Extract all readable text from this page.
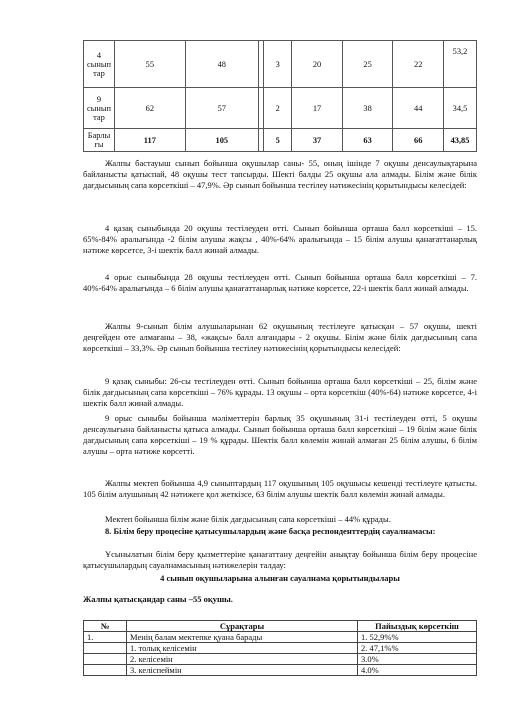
4 сынып тар	55	48		3	20	25	22	53,2
9 сынып тар	62	57		2	17	38	44	34,5
Барлы ғы	117	105		5	37	63	66	43,85

Жалпы бастауыш сынып бойынша оқушылар саны- 55, оның ішінде 7 оқушы денсаулықтарына байланысты қатыспай, 48 оқушы тест тапсырды. Шекті балды 25 оқушы ала алмады. Білім және білік дағдысының сапа көрсеткіші – 47,9%. Әр сынып бойынша тестілеу нәтижесінің қорытындысы келесідей:

4 қазақ сыныбында 20 оқушы тестілеуден өтті. Сынып бойынша орташа балл көрсеткіші – 15. 65%-84% аралығында -2 білім алушы жақсы , 40%-64% аралығында – 15 білім алушы қанағаттанарлық нәтиже көрсетсе, 3-і шектік балл жинай алмады.

4 орыс сыныбында 28 оқушы тестілеуден өтті. Сынып бойынша орташа балл көрсеткіші – 7. 40%-64% аралығында – 6 білім алушы қанағаттанарлық нәтиже көрсетсе, 22-і шектік балл жинай алмады.

Жалпы 9-сынып білім алушыларынан 62 оқушының тестілеуге қатысқан – 57 оқушы, шекті деңгейден өте алмағаны – 38, «жақсы» балл алғандары - 2 оқушы. Білім және білік дағдысының сапа көрсеткіші – 33,3%. Әр сынып бойынша тестілеу нәтижесінің қорытындысы келесідей:

9 қазақ сыныбы: 26-сы тестілеуден өтті. Сынып бойынша орташа балл көрсеткіші – 25, білім және білік дағдысының сапа көрсеткіші – 76% құрады. 13 оқушы – орта көрсеткіш (40%-64) нәтиже көрсетсе, 4-і шектік балл жинай алмады.

9 орыс сыныбы бойынша мәліметтерін барлық 35 оқушының 31-і тестілеуден өтті, 5 оқушы денсаулығына байланысты қатыса алмады. Сынып бойынша орташа балл көрсеткіші – 19 білім және білік дағдысының сапа көрсеткіші – 19 % құрады. Шектік балл көлемін жинай алмаған 25 білім алушы, 6 білім алушы – орта нәтиже көрсетті.

Жалпы мектеп бойынша 4,9 сыныптардың 117 оқушының 105 оқушысы кешенді тестілеуге қатысты. 105 білім алушының 42 нәтижеге қол жеткізсе, 63 білім алушы шектік балл көлемін жинай алмады.

Мектеп бойынша білім және білік дағдысының сапа көрсеткіші – 44% құрады.

8. Білім беру процесіне қатысушылардың және басқа респонденттердің сауалнамасы:

Ұсынылатын білім беру қызметтеріне қанағаттану деңгейін анықтау бойынша білім беру процесіне қатысушылардың сауалнамасының нәтижелерін талдау:

4 сынып оқушыларына алынған сауалнама қорытындылары

Жалпы қатысқандар саны –55 оқушы.

№	Сұрақтары	Пайыздық көрсеткіш
1.	Менің балам мектепке қуана барады	1. 52,9%%
	1. толық келісемін	2. 47,1%%
	2. келісемін	3.0%
	3. келіспеймін	4.0%
